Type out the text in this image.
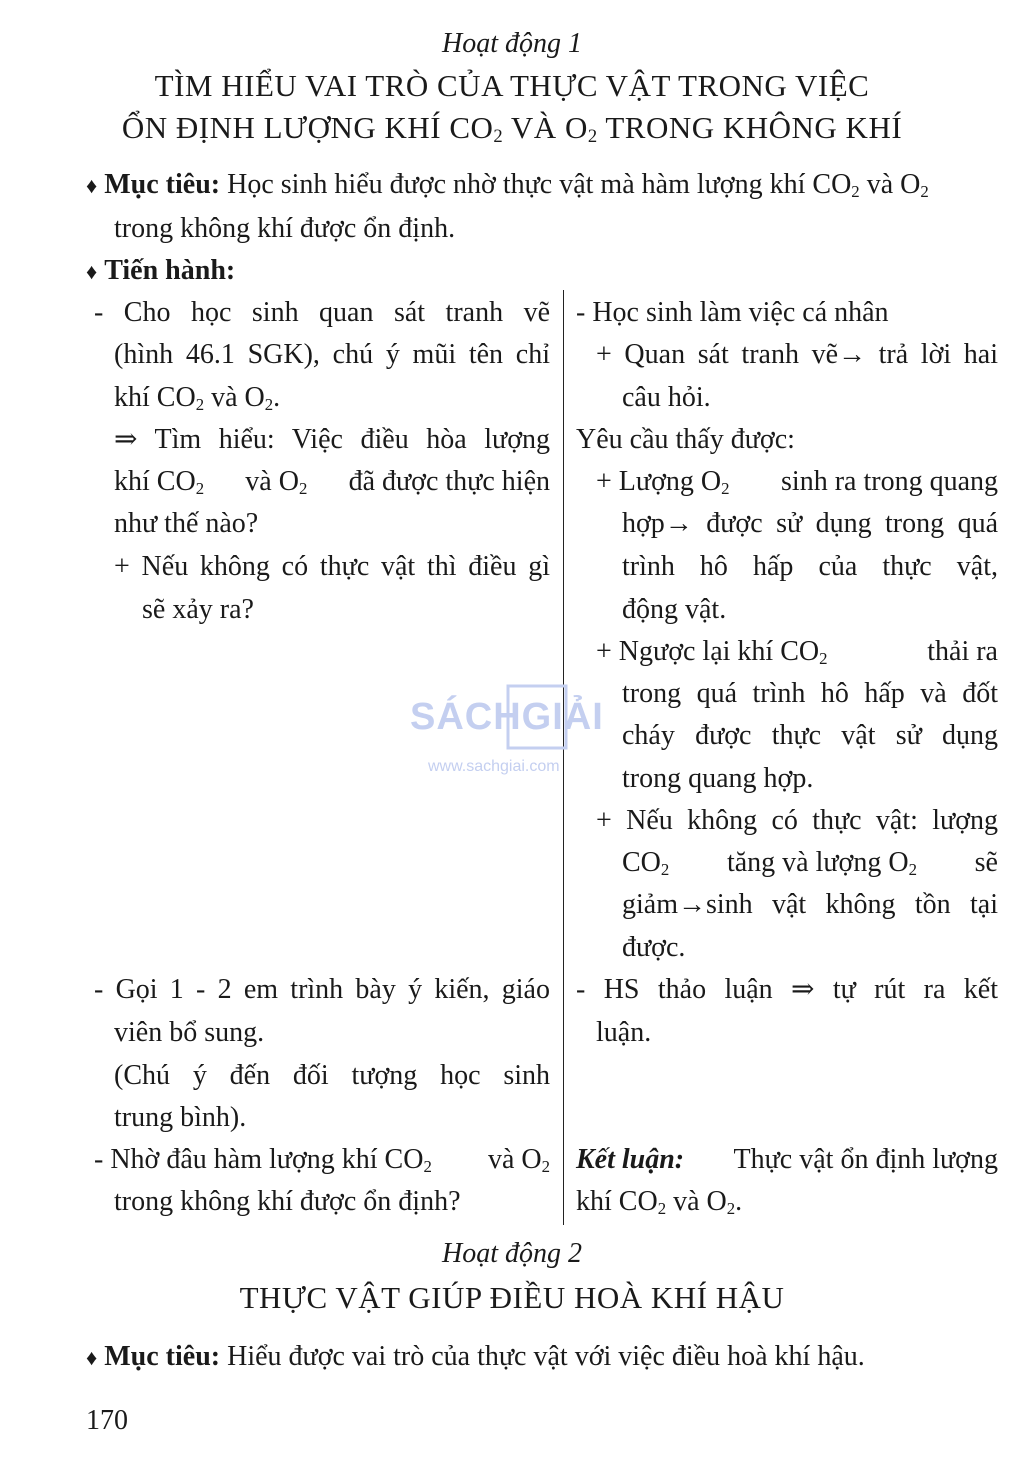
Hoạt động 1
TÌM HIỂU VAI TRÒ CỦA THỰC VẬT TRONG VIỆC
ỔN ĐỊNH LƯỢNG KHÍ $CO_2$ VÀ $O_2$ TRONG KHÔNG KHÍ
♦ Mục tiêu: Học sinh hiểu được nhờ thực vật mà hàm lượng khí $CO_2$ và $O_2$
trong không khí được ổn định.
♦ Tiến hành:
- Cho học sinh quan sát tranh vẽ
(hình 46.1 SGK), chú ý mũi tên chỉ
khí $CO_2$ và $O_2$.
⇒ Tìm hiểu: Việc điều hòa lượng
khí $CO_2$ và $O_2$ đã được thực hiện
như thế nào?
+ Nếu không có thực vật thì điều gì
sẽ xảy ra?
- Gọi 1 - 2 em trình bày ý kiến, giáo
viên bổ sung.
(Chú ý đến đối tượng học sinh
trung bình).
- Nhờ đâu hàm lượng khí $CO_2$ và $O_2$
trong không khí được ổn định?
- Học sinh làm việc cá nhân
+ Quan sát tranh vẽ→ trả lời hai
câu hỏi.
Yêu cầu thấy được:
+ Lượng $O_2$ sinh ra trong quang
hợp→ được sử dụng trong quá
trình hô hấp của thực vật,
động vật.
+ Ngược lại khí $CO_2$	thải ra
trong quá trình hô hấp và đốt
cháy được thực vật sử dụng
trong quang hợp.
+ Nếu không có thực vật: lượng
$CO_2$ tăng và lượng $O_2$ sẽ
giảm→sinh vật không tồn tại
được.
- HS thảo luận ⇒ tự rút ra kết
luận.
Kết luận: Thực vật ổn định lượng
khí $CO_2$ và $O_2$.
SÁCHGIẢI
www.sachgiai.com
Hoạt động 2
THỰC VẬT GIÚP ĐIỀU HOÀ KHÍ HẬU
♦ Mục tiêu: Hiểu được vai trò của thực vật với việc điều hoà khí hậu.
170
